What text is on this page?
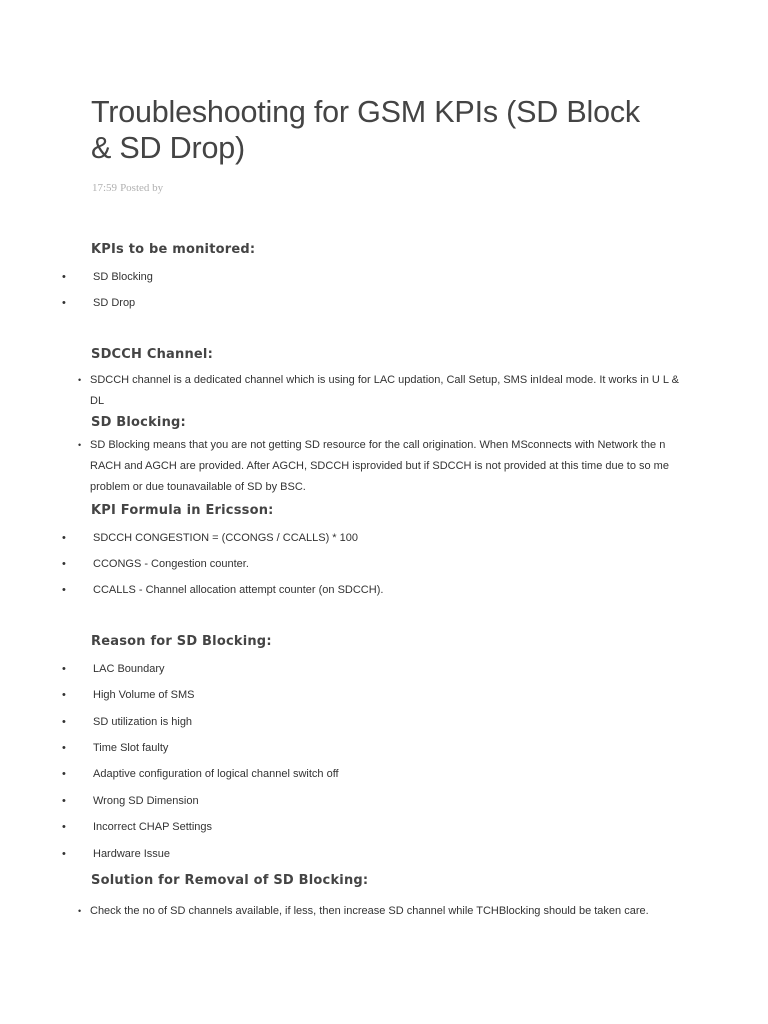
Troubleshooting for GSM KPIs (SD Block & SD Drop)
17:59 Posted by
KPIs to be monitored:
• SD Blocking
• SD Drop
SDCCH Channel:
• SDCCH channel is a dedicated channel which is using for LAC updation, Call Setup, SMS inIdeal mode. It works in U L & DL
SD Blocking:
• SD Blocking means that you are not getting SD resource for the call origination. When MSconnects with Network the n RACH and AGCH are provided. After AGCH, SDCCH isprovided but if SDCCH is not provided at this time due to so me problem or due tounavailable of SD by BSC.
KPI Formula in Ericsson:
• SDCCH CONGESTION = (CCONGS / CCALLS) * 100
• CCONGS - Congestion counter.
• CCALLS - Channel allocation attempt counter (on SDCCH).
Reason for SD Blocking:
• LAC Boundary
• High Volume of SMS
• SD utilization is high
• Time Slot faulty
• Adaptive configuration of logical channel switch off
• Wrong SD Dimension
• Incorrect CHAP Settings
• Hardware Issue
Solution for Removal of SD Blocking:
• Check the no of SD channels available, if less, then increase SD channel while TCHBlocking should be taken care.
